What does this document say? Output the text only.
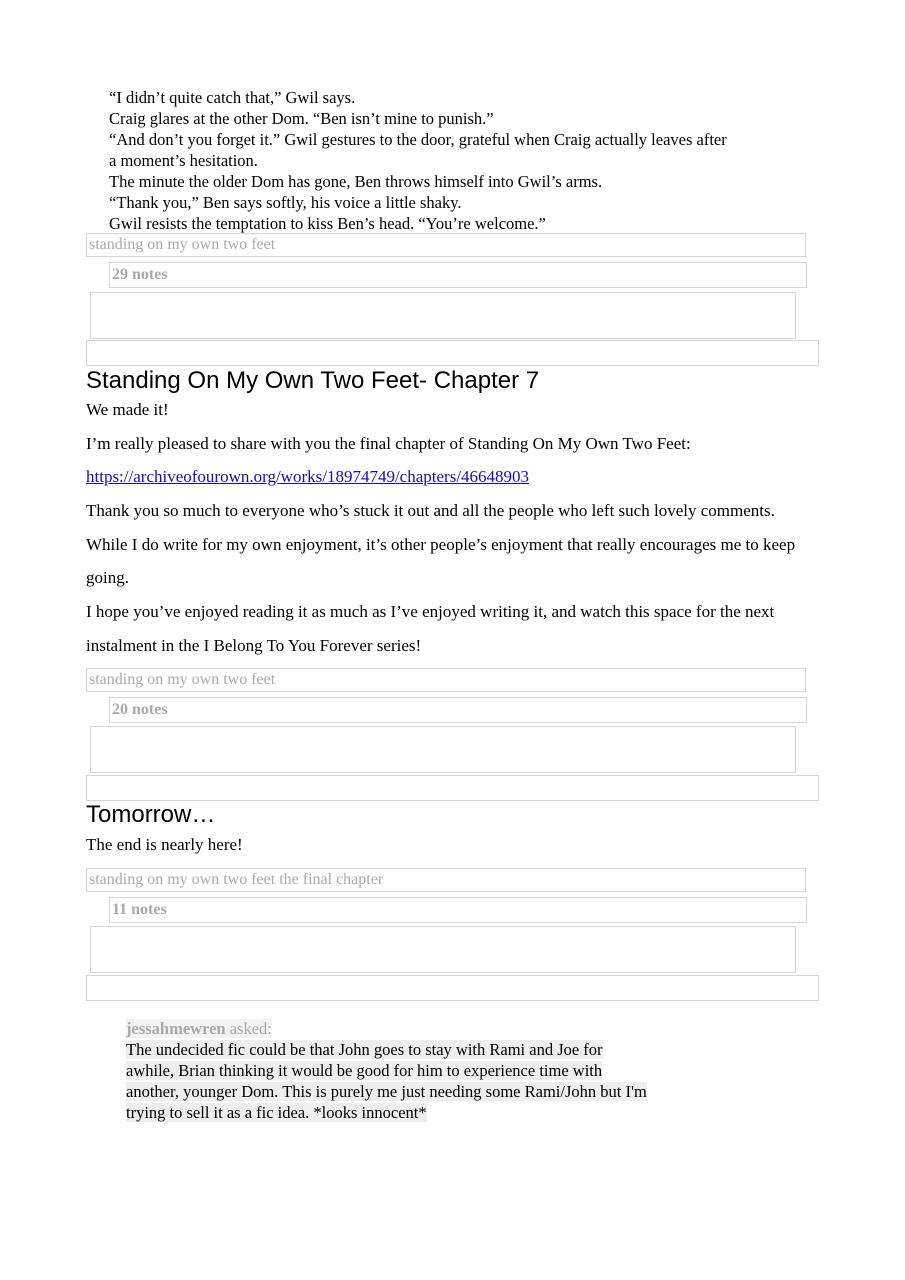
“I didn’t quite catch that,” Gwil says.

Craig glares at the other Dom. “Ben isn’t mine to punish.”

“And don’t you forget it.” Gwil gestures to the door, grateful when Craig actually leaves after

a moment’s hesitation.

The minute the older Dom has gone, Ben throws himself into Gwil’s arms.

“Thank you,” Ben says softly, his voice a little shaky.

Gwil resists the temptation to kiss Ben’s head. “You’re welcome.”

standing on my own two feet
29 notes
Standing On My Own Two Feet- Chapter 7

We made it!

I’m really pleased to share with you the final chapter of Standing On My Own Two Feet:

https://archiveofourown.org/works/18974749/chapters/46648903

Thank you so much to everyone who’s stuck it out and all the people who left such lovely comments. While I do write for my own enjoyment, it’s other people’s enjoyment that really encourages me to keep going.

I hope you’ve enjoyed reading it as much as I’ve enjoyed writing it, and watch this space for the next instalment in the I Belong To You Forever series!

standing on my own two feet
20 notes
Tomorrow…

The end is nearly here!

standing on my own two feet the final chapter
11 notes
jessahmewren asked:

The undecided fic could be that John goes to stay with Rami and Joe for

awhile, Brian thinking it would be good for him to experience time with

another, younger Dom. This is purely me just needing some Rami/John but I'm

trying to sell it as a fic idea. *looks innocent*
